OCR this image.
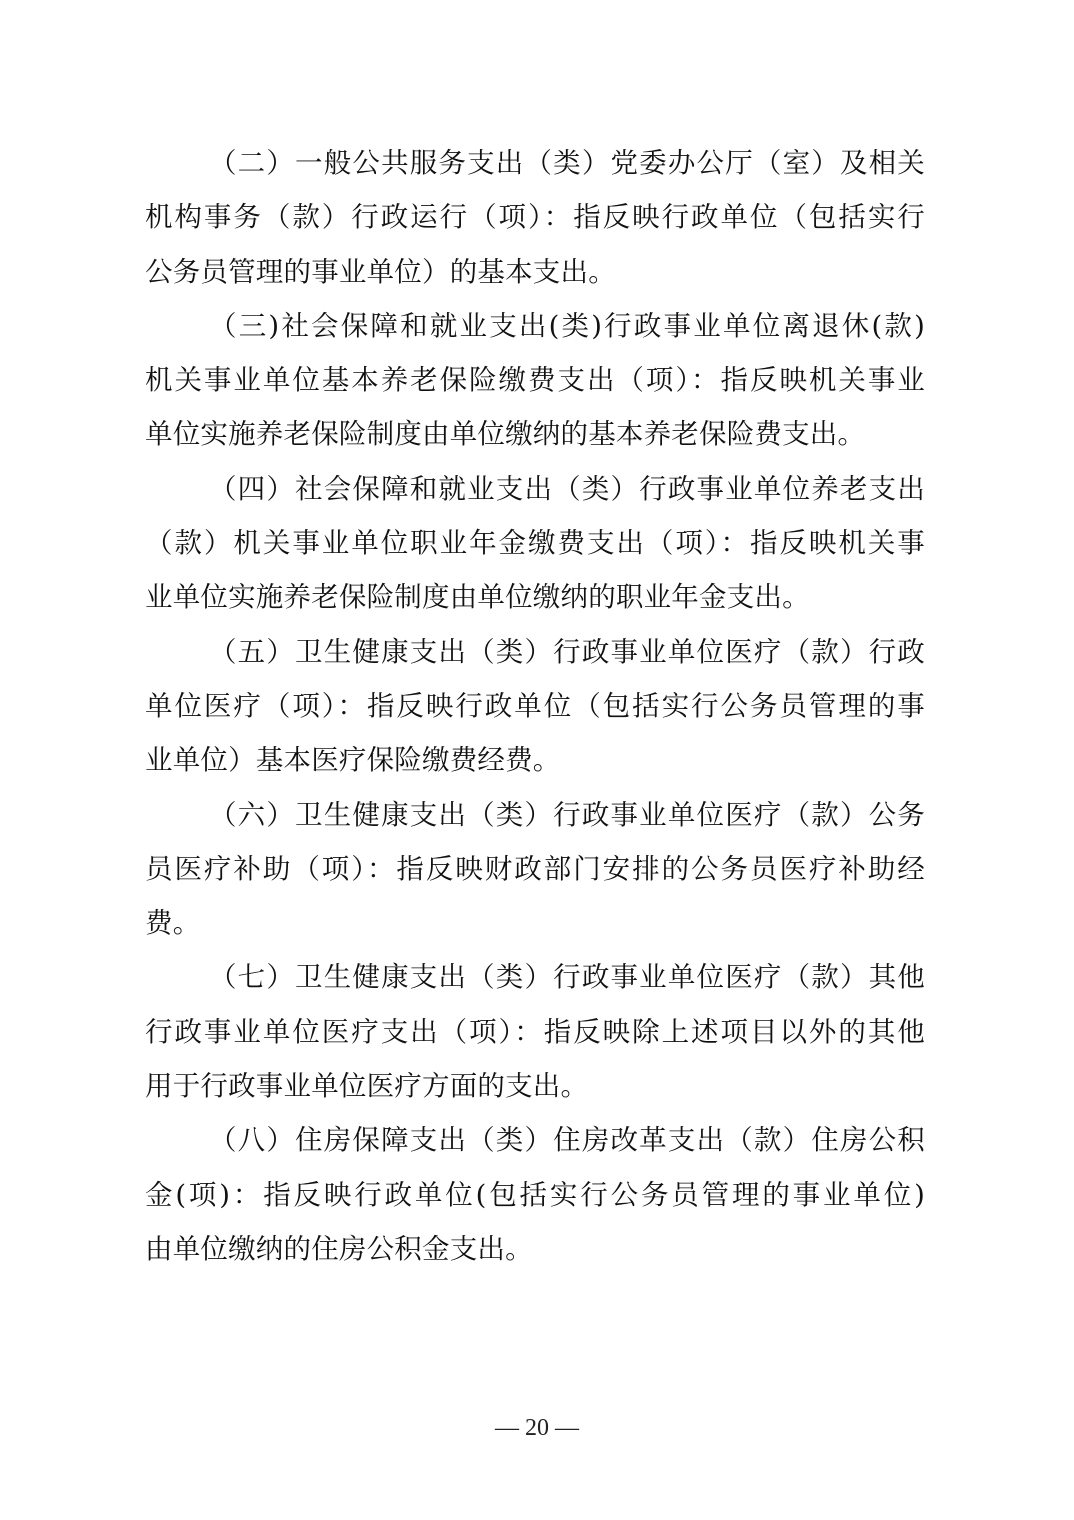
（二）一般公共服务支出（类）党委办公厅（室）及相关
机构事务（款）行政运行（项）：指反映行政单位（包括实行
公务员管理的事业单位）的基本支出。
（三)社会保障和就业支出(类)行政事业单位离退休(款)
机关事业单位基本养老保险缴费支出（项）：指反映机关事业
单位实施养老保险制度由单位缴纳的基本养老保险费支出。
（四）社会保障和就业支出（类）行政事业单位养老支出
（款）机关事业单位职业年金缴费支出（项）：指反映机关事
业单位实施养老保险制度由单位缴纳的职业年金支出。
（五）卫生健康支出（类）行政事业单位医疗（款）行政
单位医疗（项）：指反映行政单位（包括实行公务员管理的事
业单位）基本医疗保险缴费经费。
（六）卫生健康支出（类）行政事业单位医疗（款）公务
员医疗补助（项）：指反映财政部门安排的公务员医疗补助经
费。
（七）卫生健康支出（类）行政事业单位医疗（款）其他
行政事业单位医疗支出（项）：指反映除上述项目以外的其他
用于行政事业单位医疗方面的支出。
（八）住房保障支出（类）住房改革支出（款）住房公积
金(项)：指反映行政单位(包括实行公务员管理的事业单位)
由单位缴纳的住房公积金支出。
— 20 —
